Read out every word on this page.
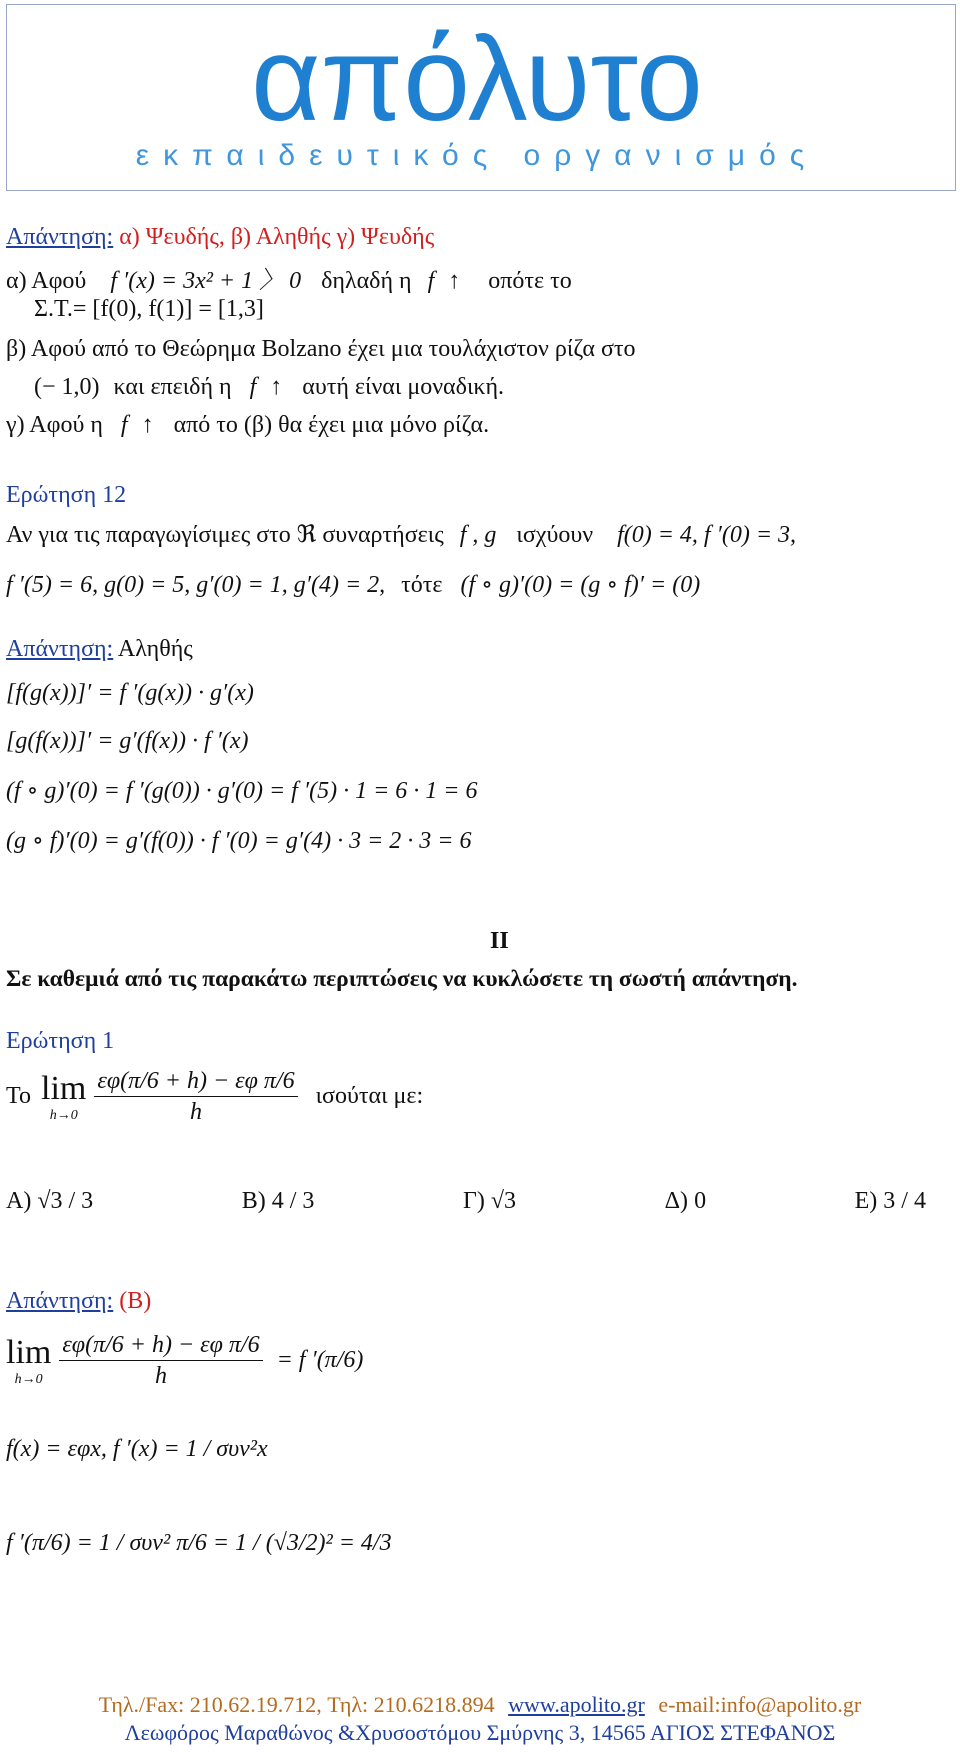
απόλυτο
εκπαιδευτικός οργανισμός
Απάντηση: α) Ψευδής, β) Αληθής γ) Ψευδής
α) Αφού f ′(x) = 3x² + 1 〉 0 δηλαδή η f ↑ οπότε το
Σ.Τ.= [f(0), f(1)] = [1,3]
β) Αφού από το Θεώρημα Bolzano έχει μια τουλάχιστον ρίζα στο
(− 1,0) και επειδή η f ↑ αυτή είναι μοναδική.
γ) Αφού η f ↑ από το (β) θα έχει μια μόνο ρίζα.
Ερώτηση 12
Αν για τις παραγωγίσιμες στο ℜ συναρτήσεις f , g ισχύουν f(0) = 4, f ′(0) = 3,
f ′(5) = 6, g(0) = 5, g′(0) = 1, g′(4) = 2, τότε (f ∘ g)′(0) = (g ∘ f)′ = (0)
Απάντηση: Αληθής
[f(g(x))]′ = f ′(g(x)) · g′(x)
[g(f(x))]′ = g′(f(x)) · f ′(x)
(f ∘ g)′(0) = f ′(g(0)) · g′(0) = f ′(5) · 1 = 6 · 1 = 6
(g ∘ f)′(0) = g′(f(0)) · f ′(0) = g′(4) · 3 = 2 · 3 = 6
II
Σε καθεμιά από τις παρακάτω περιπτώσεις να κυκλώσετε τη σωστή απάντηση.
Ερώτηση 1
Το lim
$h\to 0 \frac{\text{εφ(π/6 + h) − εφ π/6}}{h}$ ισούται με:
Α) √3 / 3	Β) 4 / 3	Γ) √3	Δ) 0	Ε) 3 / 4
Απάντηση: (Β)
lim
$h\to 0 \frac{\text{εφ(π/6 + h) − εφ π/6}}{h} = f$ ′(π/6)
f(x) = εφx, f ′(x) = 1 / συν²x
f ′(π/6) = 1 / συν² π/6 = 1 / (√3/2)² = 4/3
Τηλ./Fax: 210.62.19.712, Τηλ: 210.6218.894 www.apolito.gr e-mail:info@apolito.gr
Λεωφόρος Μαραθώνος &Χρυσοστόμου Σμύρνης 3, 14565 ΑΓΙΟΣ ΣΤΕΦΑΝΟΣ
